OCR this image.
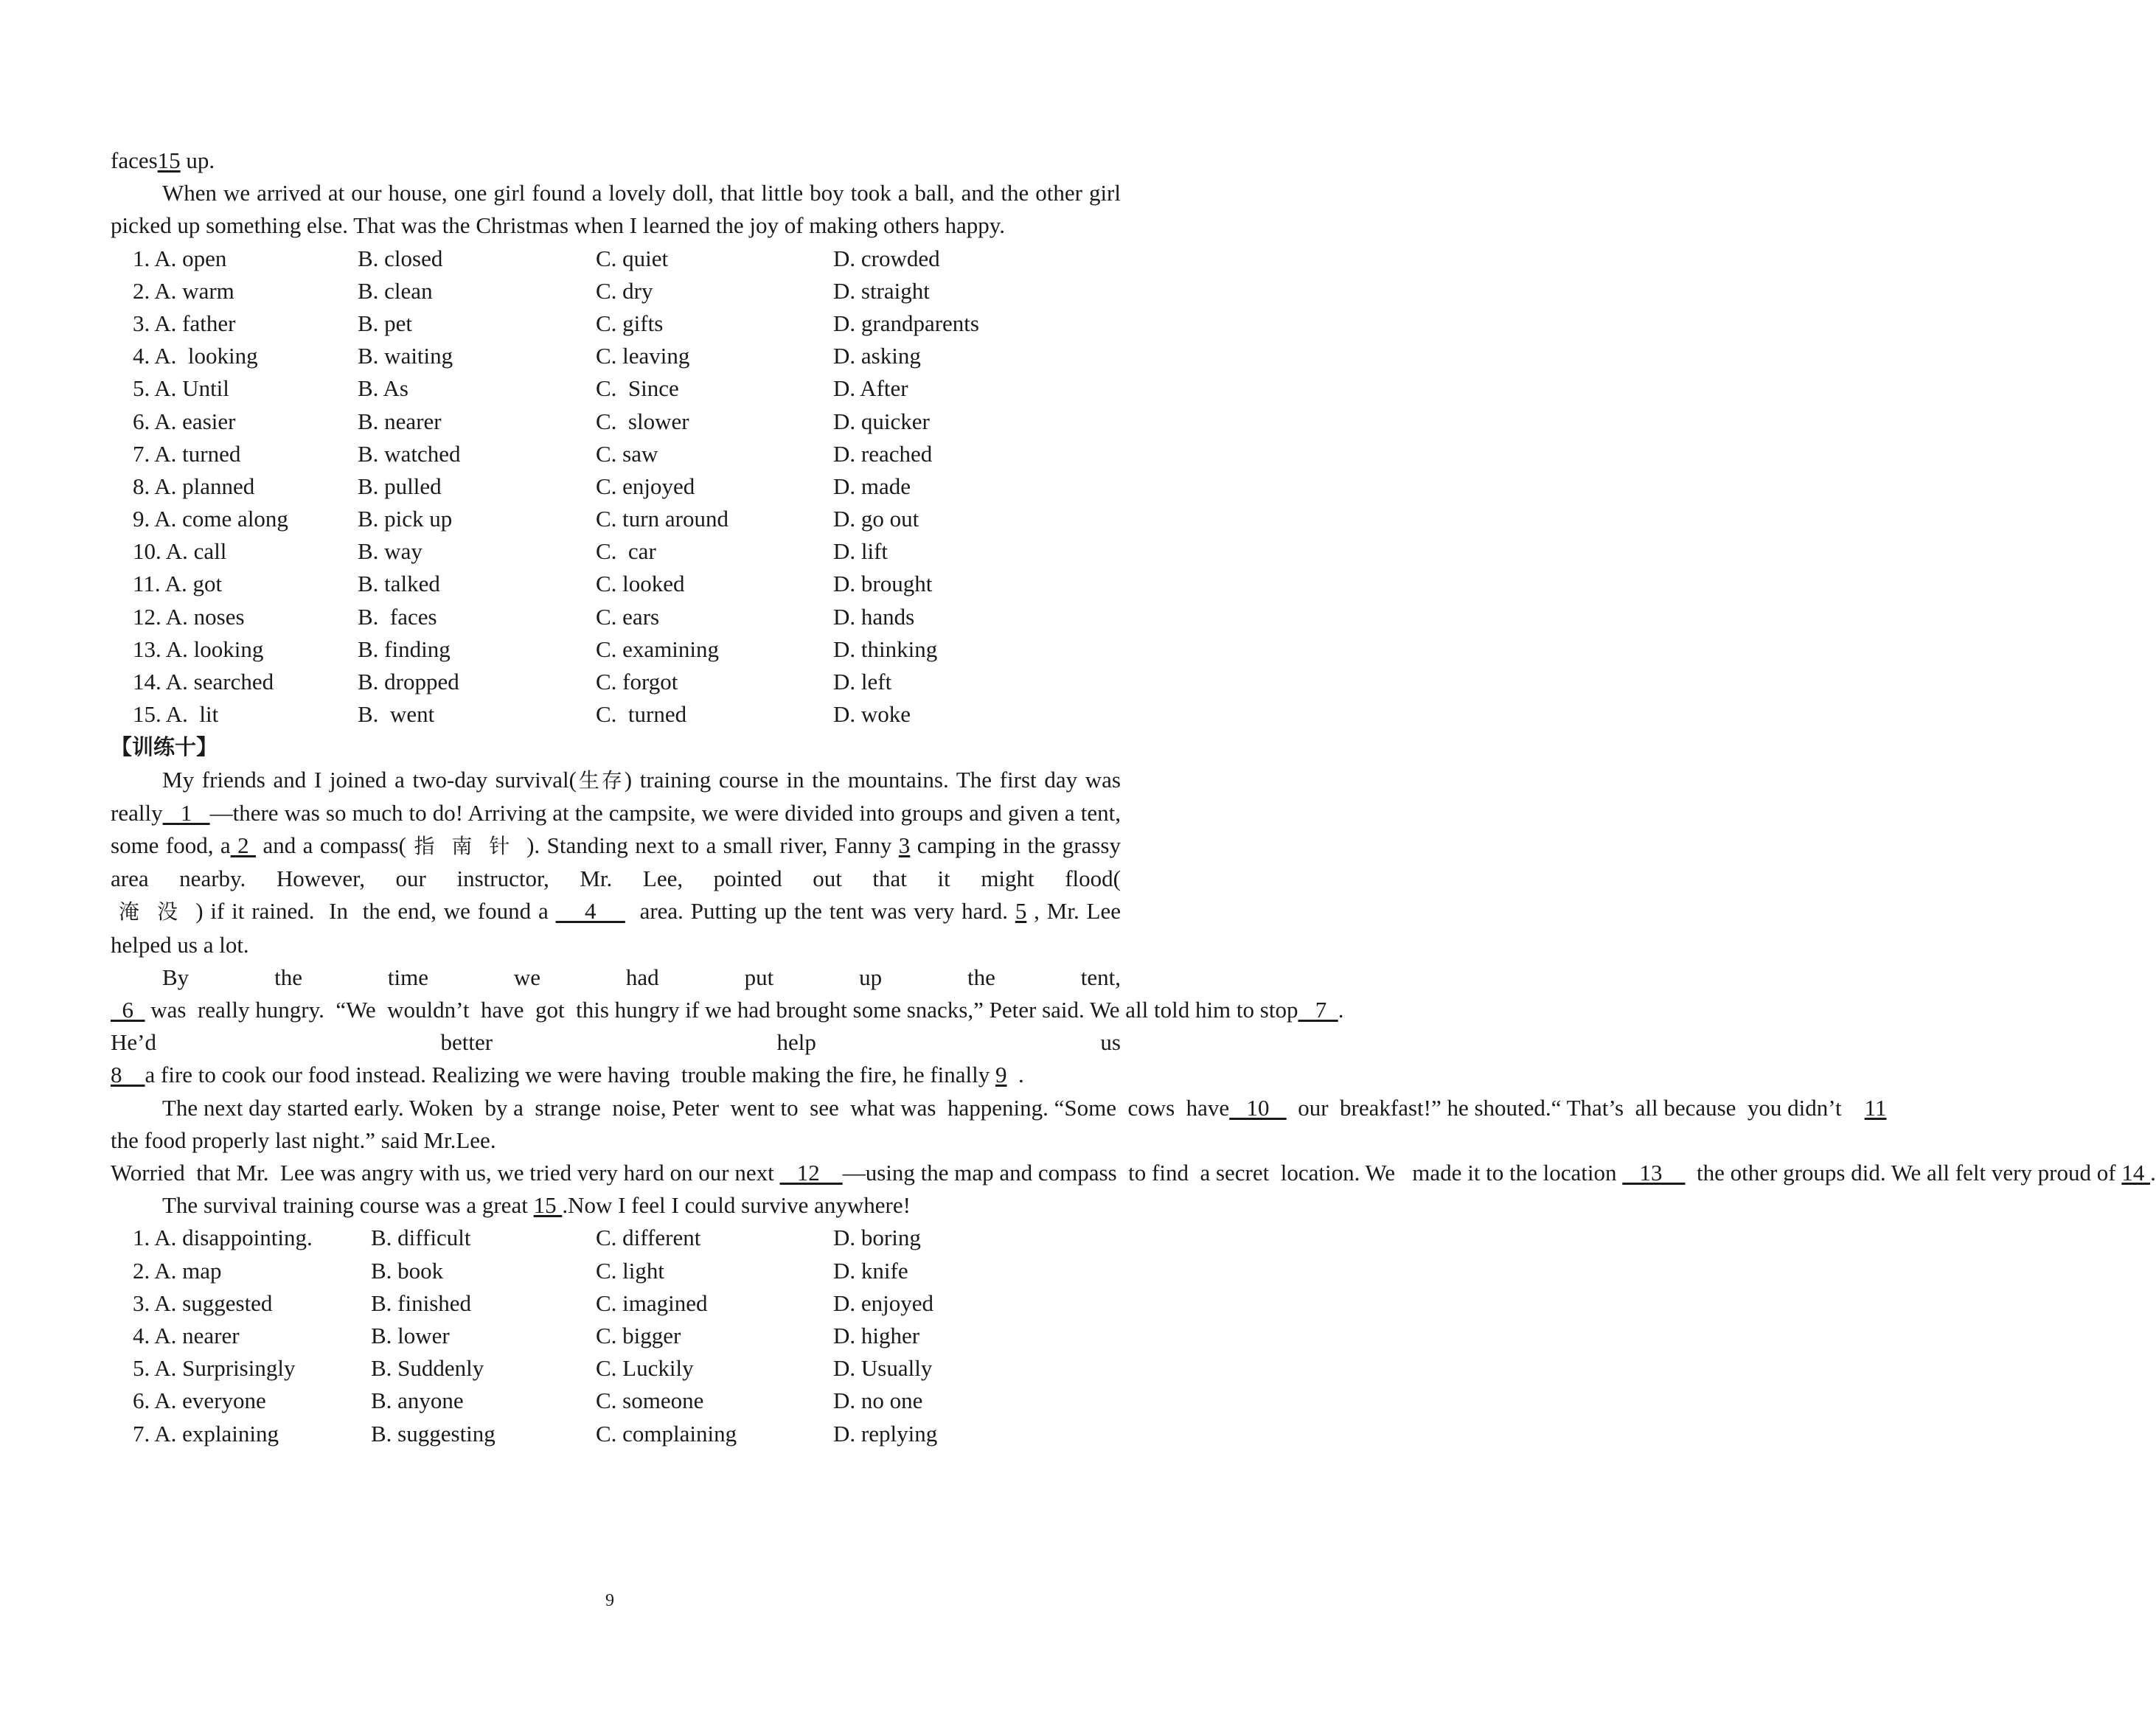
faces15 up.

When we arrived at our house, one girl found a lovely doll, that little boy took a ball, and the other girl picked up something else. That was the Christmas when I learned the joy of making others happy.

1. A. open	B. closed	C. quiet	D. crowded
2. A. warm	B. clean	C. dry	D. straight
3. A. father	B. pet	C. gifts	D. grandparents
4. A.  looking	B. waiting	C. leaving	D. asking
5. A. Until	B. As	C.  Since	D. After
6. A. easier	B. nearer	C.  slower	D. quicker
7. A. turned	B. watched	C. saw	D. reached
8. A. planned	B. pulled	C. enjoyed	D. made
9. A. come along	B. pick up	C. turn around	D. go out
10. A. call	B. way	C.  car	D. lift
11. A. got	B. talked	C. looked	D. brought
12. A. noses	B.  faces	C. ears	D. hands
13. A. looking	B. finding	C. examining	D. thinking
14. A. searched	B. dropped	C. forgot	D. left
15. A.  lit	B.  went	C.  turned	D. woke

【训练十】

My friends and I joined a two-day survival(生存) training course in the mountains. The first day was really   1   —there was so much to do! Arriving at the campsite, we were divided into groups and given a tent, some food, a 2  and a compass( 指  南  针  ). Standing next to a small river, Fanny 3 camping in the grassy area nearby. However, our instructor, Mr. Lee, pointed out that it might flood( 淹  没  ) if it rained.  In  the end, we found a     4      area. Putting up the tent was very hard. 5 , Mr. Lee helped us a lot.

By the time we had put up the tent,  6   was  really hungry.  “We  wouldn’t  have  got  this hungry if we had brought some snacks,” Peter said. We all told him to stop   7  . He’d better help us 8    a fire to cook our food instead. Realizing we were having  trouble making the fire, he finally 9  .

The next day started early. Woken  by a  strange  noise, Peter  went to  see  what was  happening. “Some  cows  have   10     our  breakfast!” he shouted.“ That’s  all because  you didn’t    11 the food properly last night.” said Mr.Lee.

Worried  that Mr.  Lee was angry with us, we tried very hard on our next    12    —using the map and compass  to find  a secret  location. We   made it to the location    13      the other groups did. We all felt very proud of 14 .

The survival training course was a great 15 .Now I feel I could survive anywhere!

1. A. disappointing.	B. difficult	C. different	D. boring
2. A. map	B. book	C. light	D. knife
3. A. suggested	B. finished	C. imagined	D. enjoyed
4. A. nearer	B. lower	C. bigger	D. higher
5. A. Surprisingly	B. Suddenly	C. Luckily	D. Usually
6. A. everyone	B. anyone	C. someone	D. no one
7. A. explaining	B. suggesting	C. complaining	D. replying
9
